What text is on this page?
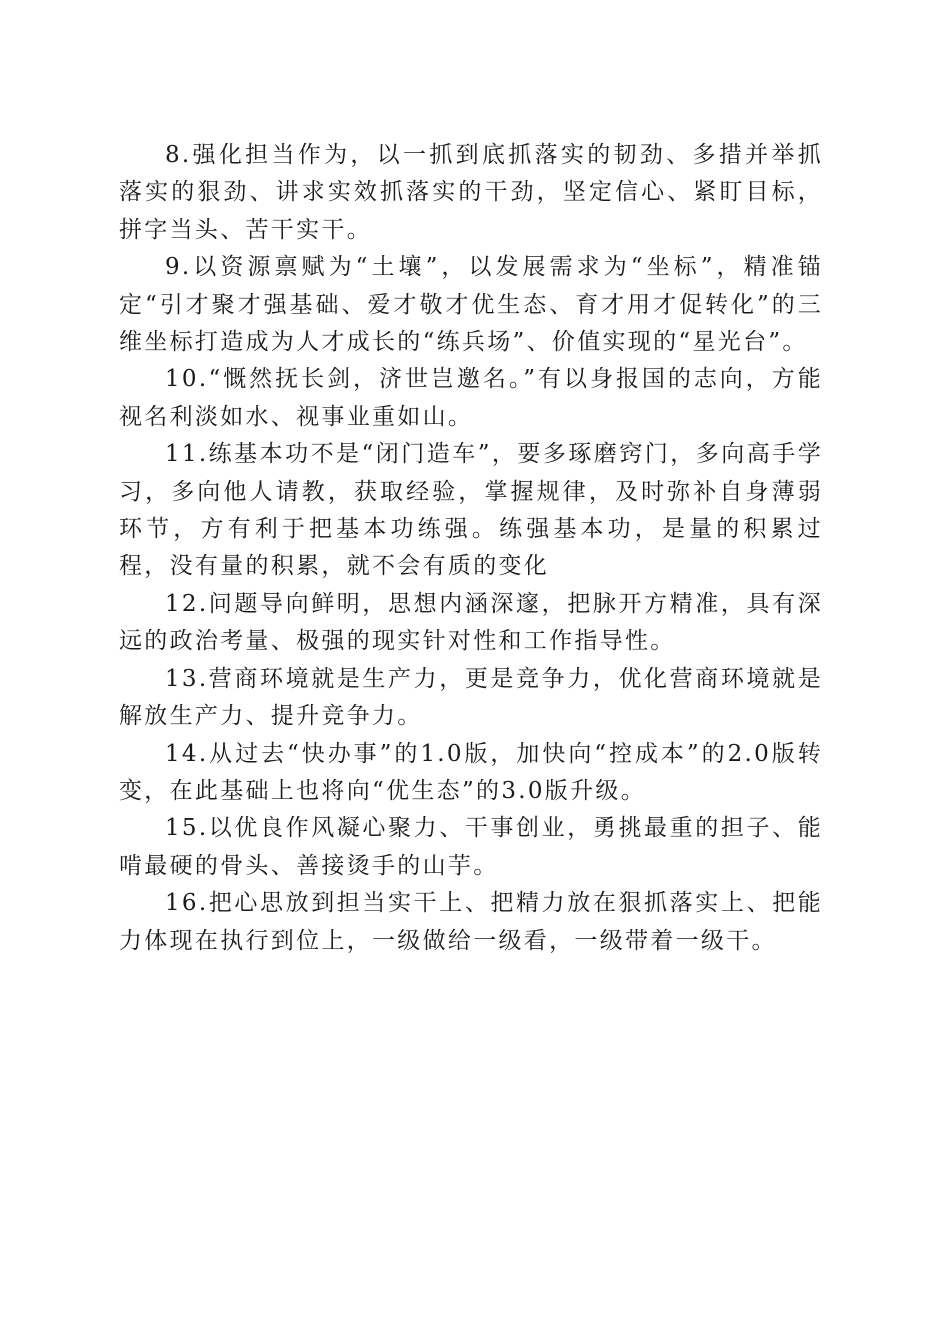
8.强化担当作为，以一抓到底抓落实的韧劲、多措并举抓落实的狠劲、讲求实效抓落实的干劲，坚定信心、紧盯目标，拼字当头、苦干实干。

9.以资源禀赋为“土壤”，以发展需求为“坐标”，精准锚定“引才聚才强基础、爱才敬才优生态、育才用才促转化”的三维坐标打造成为人才成长的“练兵场”、价值实现的“星光台”。

10.“慨然抚长剑，济世岂邀名。”有以身报国的志向，方能视名利淡如水、视事业重如山。

11.练基本功不是“闭门造车”，要多琢磨窍门，多向高手学习，多向他人请教，获取经验，掌握规律，及时弥补自身薄弱环节，方有利于把基本功练强。练强基本功，是量的积累过程，没有量的积累，就不会有质的变化

12.问题导向鲜明，思想内涵深邃，把脉开方精准，具有深远的政治考量、极强的现实针对性和工作指导性。

13.营商环境就是生产力，更是竞争力，优化营商环境就是解放生产力、提升竞争力。

14.从过去“快办事”的1.0版，加快向“控成本”的2.0版转变，在此基础上也将向“优生态”的3.0版升级。

15.以优良作风凝心聚力、干事创业，勇挑最重的担子、能啃最硬的骨头、善接烫手的山芋。

16.把心思放到担当实干上、把精力放在狠抓落实上、把能力体现在执行到位上，一级做给一级看，一级带着一级干。
